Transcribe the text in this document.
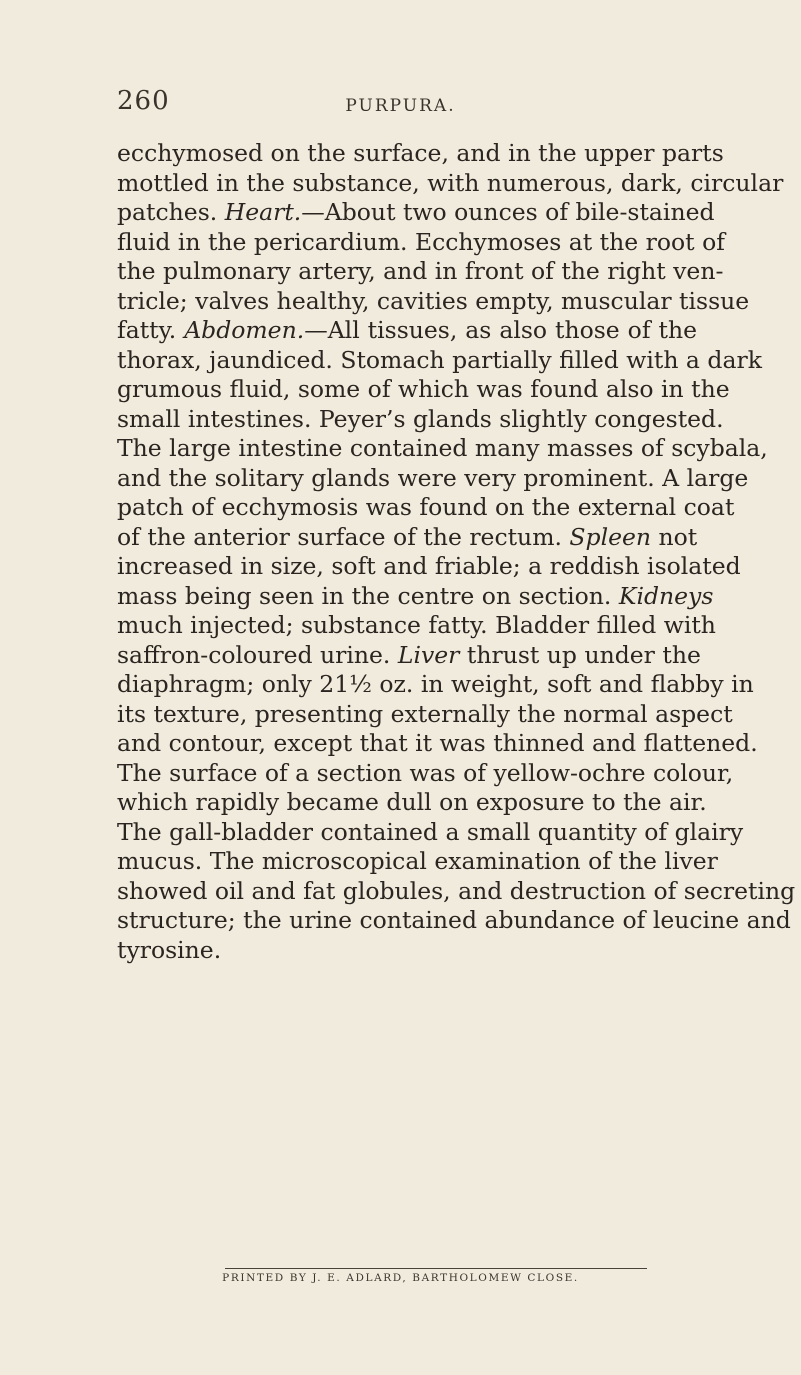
260	PURPURA.
ecchymosed on the surface, and in the upper parts
mottled in the substance, with numerous, dark, circular
patches. Heart.—About two ounces of bile-stained
fluid in the pericardium. Ecchymoses at the root of
the pulmonary artery, and in front of the right ven-
tricle; valves healthy, cavities empty, muscular tissue
fatty. Abdomen.—All tissues, as also those of the
thorax, jaundiced. Stomach partially filled with a dark
grumous fluid, some of which was found also in the
small intestines. Peyer’s glands slightly congested.
The large intestine contained many masses of scybala,
and the solitary glands were very prominent. A large
patch of ecchymosis was found on the external coat
of the anterior surface of the rectum. Spleen not
increased in size, soft and friable; a reddish isolated
mass being seen in the centre on section. Kidneys
much injected; substance fatty. Bladder filled with
saffron-coloured urine. Liver thrust up under the
diaphragm; only 21½ oz. in weight, soft and flabby in
its texture, presenting externally the normal aspect
and contour, except that it was thinned and flattened.
The surface of a section was of yellow-ochre colour,
which rapidly became dull on exposure to the air.
The gall-bladder contained a small quantity of glairy
mucus. The microscopical examination of the liver
showed oil and fat globules, and destruction of secreting
structure; the urine contained abundance of leucine and
tyrosine.
PRINTED BY J. E. ADLARD, BARTHOLOMEW CLOSE.
